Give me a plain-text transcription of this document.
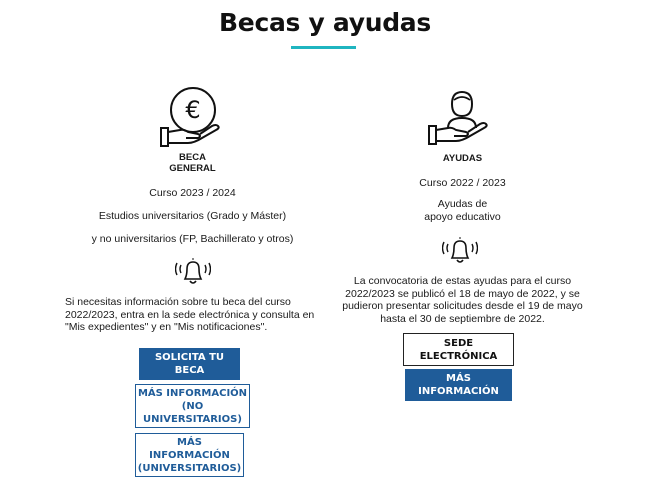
Becas y ayudas
€
BECA
GENERAL
Curso 2023 / 2024
Estudios universitarios (Grado y Máster)
y no universitarios (FP, Bachillerato y otros)
Si necesitas información sobre tu beca del curso
2022/2023, entra en la sede electrónica y consulta en
"Mis expedientes" y en "Mis notificaciones".
SOLICITA TU BECA
MÁS INFORMACIÓN
(NO UNIVERSITARIOS)
MÁS INFORMACIÓN
(UNIVERSITARIOS)
AYUDAS
Curso 2022 / 2023
Ayudas de
apoyo educativo
La convocatoria de estas ayudas para el curso
2022/2023 se publicó el 18 de mayo de 2022, y se
pudieron presentar solicitudes desde el 19 de mayo
hasta el 30 de septiembre de 2022.
SEDE ELECTRÓNICA
MÁS INFORMACIÓN
